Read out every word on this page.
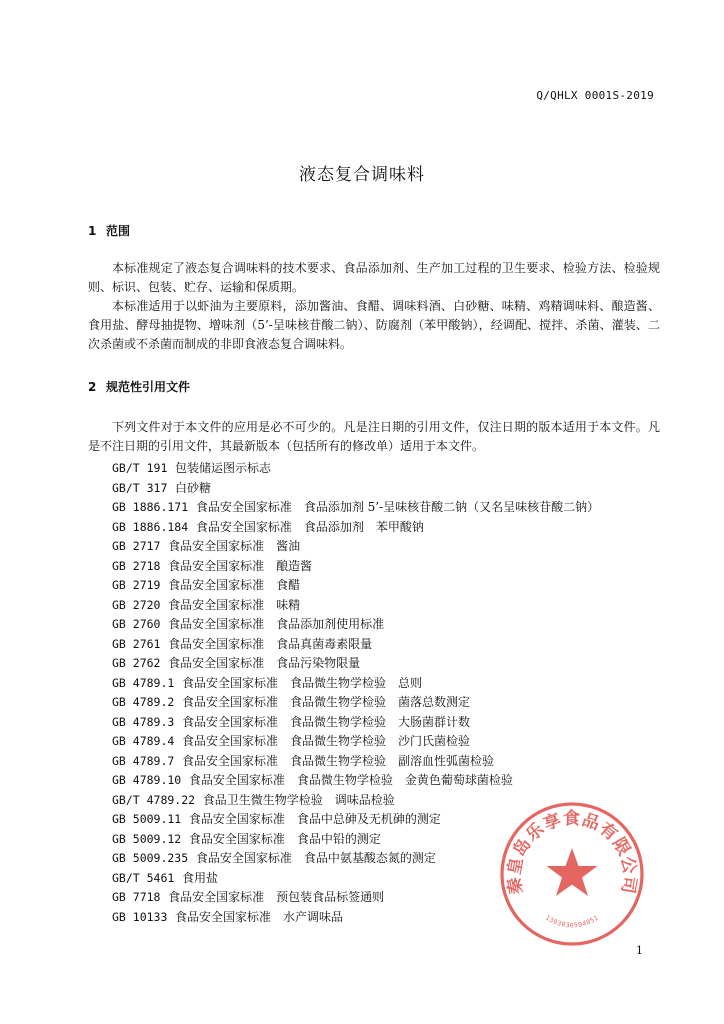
Q/QHLX 0001S-2019
液态复合调味料
1 范围
本标准规定了液态复合调味料的技术要求、食品添加剂、生产加工过程的卫生要求、检验方法、检验规则、标识、包装、贮存、运输和保质期。
本标准适用于以虾油为主要原料，添加酱油、食醋、调味料酒、白砂糖、味精、鸡精调味料、酿造酱、食用盐、酵母抽提物、增味剂（5’-呈味核苷酸二钠）、防腐剂（苯甲酸钠），经调配、搅拌、杀菌、灌装、二次杀菌或不杀菌而制成的非即食液态复合调味料。
2 规范性引用文件
下列文件对于本文件的应用是必不可少的。凡是注日期的引用文件，仅注日期的版本适用于本文件。凡是不注日期的引用文件，其最新版本（包括所有的修改单）适用于本文件。
GB/T 191 包装储运图示标志
GB/T 317 白砂糖
GB 1886.171 食品安全国家标准　食品添加剂 5’-呈味核苷酸二钠（又名呈味核苷酸二钠）
GB 1886.184 食品安全国家标准　食品添加剂　苯甲酸钠
GB 2717 食品安全国家标准　酱油
GB 2718 食品安全国家标准　酿造酱
GB 2719 食品安全国家标准　食醋
GB 2720 食品安全国家标准　味精
GB 2760 食品安全国家标准　食品添加剂使用标准
GB 2761 食品安全国家标准　食品真菌毒素限量
GB 2762 食品安全国家标准　食品污染物限量
GB 4789.1 食品安全国家标准　食品微生物学检验　总则
GB 4789.2 食品安全国家标准　食品微生物学检验　菌落总数测定
GB 4789.3 食品安全国家标准　食品微生物学检验　大肠菌群计数
GB 4789.4 食品安全国家标准　食品微生物学检验　沙门氏菌检验
GB 4789.7 食品安全国家标准　食品微生物学检验　副溶血性弧菌检验
GB 4789.10 食品安全国家标准　食品微生物学检验　金黄色葡萄球菌检验
GB/T 4789.22 食品卫生微生物学检验　调味品检验
GB 5009.11 食品安全国家标准　食品中总砷及无机砷的测定
GB 5009.12 食品安全国家标准　食品中铅的测定
GB 5009.235 食品安全国家标准　食品中氨基酸态氮的测定
GB/T 5461 食用盐
GB 7718 食品安全国家标准　预包装食品标签通则
GB 10133 食品安全国家标准　水产调味品
秦皇岛乐享食品有限公司
1303030504051
1
